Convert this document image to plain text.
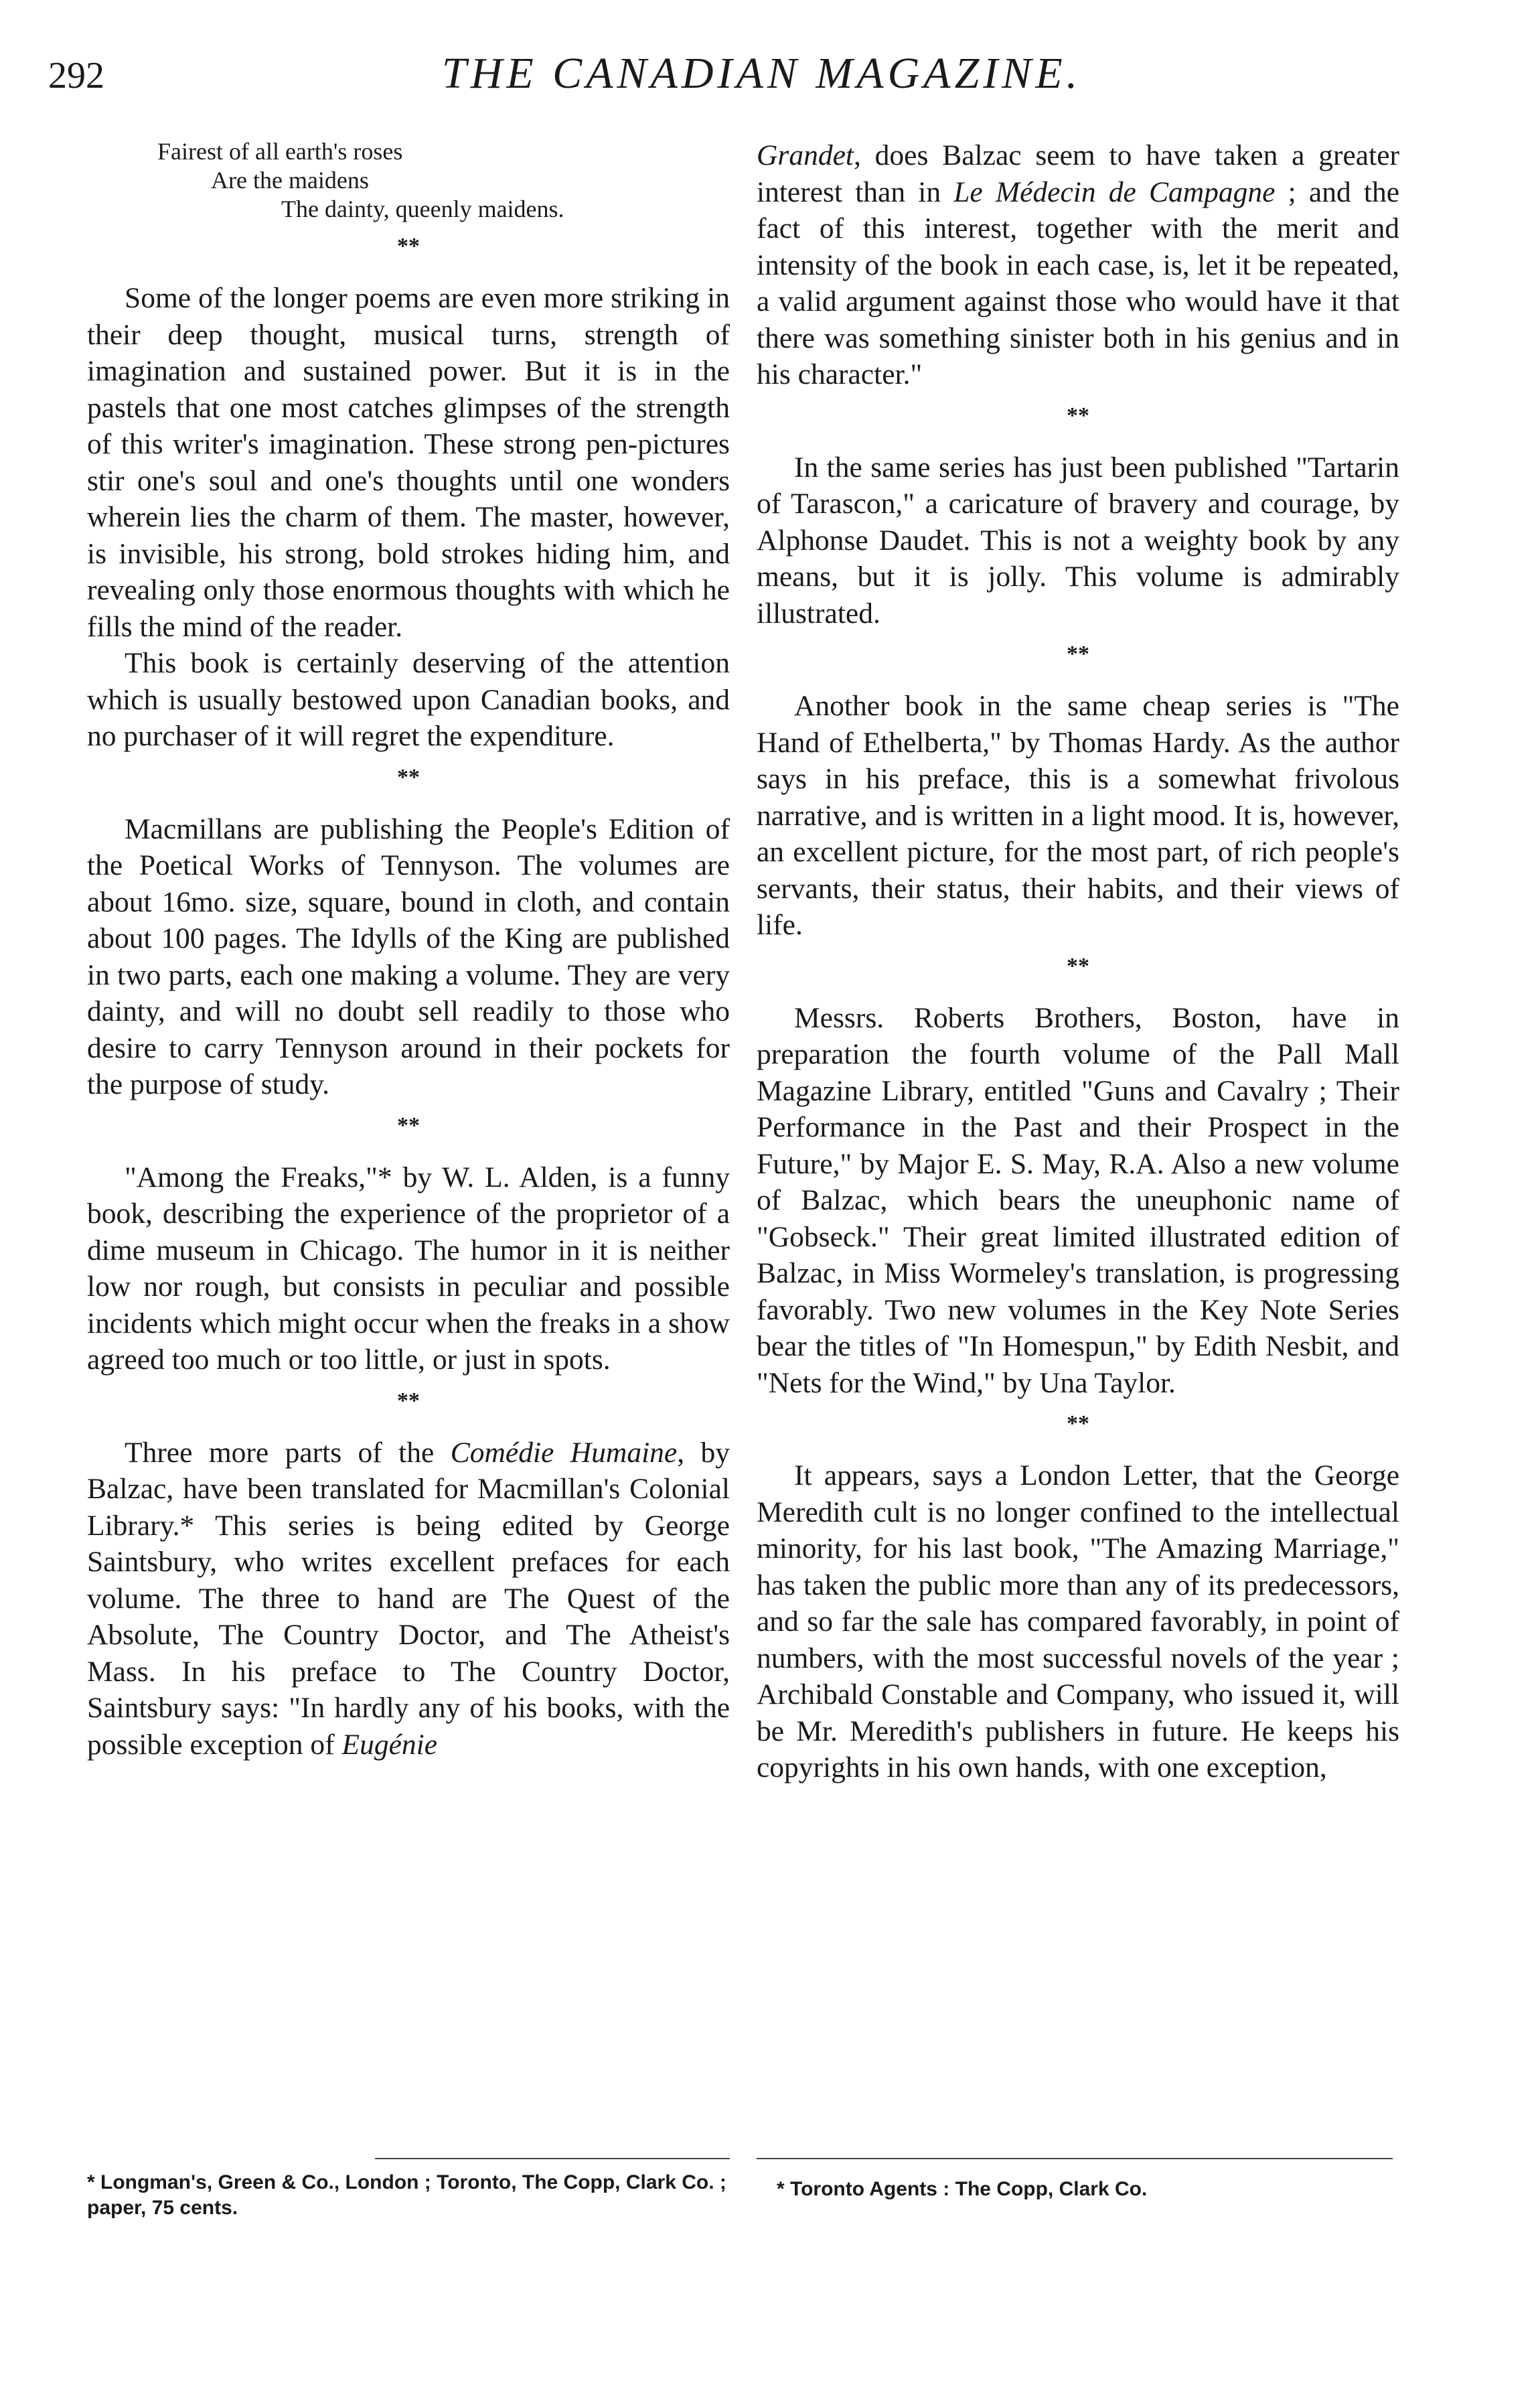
292	THE CANADIAN MAGAZINE.
Fairest of all earth's roses
Are the maidens
The dainty, queenly maidens.
**

Some of the longer poems are even more striking in their deep thought, musical turns, strength of imagination and sustained power. But it is in the pastels that one most catches glimpses of the strength of this writer's imagination. These strong pen-pictures stir one's soul and one's thoughts until one wonders wherein lies the charm of them. The master, however, is invisible, his strong, bold strokes hiding him, and revealing only those enormous thoughts with which he fills the mind of the reader.

This book is certainly deserving of the attention which is usually bestowed upon Canadian books, and no purchaser of it will regret the expenditure.

**

Macmillans are publishing the People's Edition of the Poetical Works of Tennyson. The volumes are about 16mo. size, square, bound in cloth, and contain about 100 pages. The Idylls of the King are published in two parts, each one making a volume. They are very dainty, and will no doubt sell readily to those who desire to carry Tennyson around in their pockets for the purpose of study.

**

"Among the Freaks,"* by W. L. Alden, is a funny book, describing the experience of the proprietor of a dime museum in Chicago. The humor in it is neither low nor rough, but consists in peculiar and possible incidents which might occur when the freaks in a show agreed too much or too little, or just in spots.

**

Three more parts of the Comédie Humaine, by Balzac, have been translated for Macmillan's Colonial Library.* This series is being edited by George Saintsbury, who writes excellent prefaces for each volume. The three to hand are The Quest of the Absolute, The Country Doctor, and The Atheist's Mass. In his preface to The Country Doctor, Saintsbury says: "In hardly any of his books, with the possible exception of Eugénie

Grandet, does Balzac seem to have taken a greater interest than in Le Médecin de Campagne ; and the fact of this interest, together with the merit and intensity of the book in each case, is, let it be repeated, a valid argument against those who would have it that there was something sinister both in his genius and in his character."

**

In the same series has just been published "Tartarin of Tarascon," a caricature of bravery and courage, by Alphonse Daudet. This is not a weighty book by any means, but it is jolly. This volume is admirably illustrated.

**

Another book in the same cheap series is "The Hand of Ethelberta," by Thomas Hardy. As the author says in his preface, this is a somewhat frivolous narrative, and is written in a light mood. It is, however, an excellent picture, for the most part, of rich people's servants, their status, their habits, and their views of life.

**

Messrs. Roberts Brothers, Boston, have in preparation the fourth volume of the Pall Mall Magazine Library, entitled "Guns and Cavalry ; Their Performance in the Past and their Prospect in the Future," by Major E. S. May, R.A. Also a new volume of Balzac, which bears the uneuphonic name of "Gobseck." Their great limited illustrated edition of Balzac, in Miss Wormeley's translation, is progressing favorably. Two new volumes in the Key Note Series bear the titles of "In Homespun," by Edith Nesbit, and "Nets for the Wind," by Una Taylor.

**

It appears, says a London Letter, that the George Meredith cult is no longer confined to the intellectual minority, for his last book, "The Amazing Marriage," has taken the public more than any of its predecessors, and so far the sale has compared favorably, in point of numbers, with the most successful novels of the year ; Archibald Constable and Company, who issued it, will be Mr. Meredith's publishers in future. He keeps his copyrights in his own hands, with one exception,

* Longman's, Green & Co., London ; Toronto, The Copp, Clark Co. ; paper, 75 cents.
* Toronto Agents : The Copp, Clark Co.
